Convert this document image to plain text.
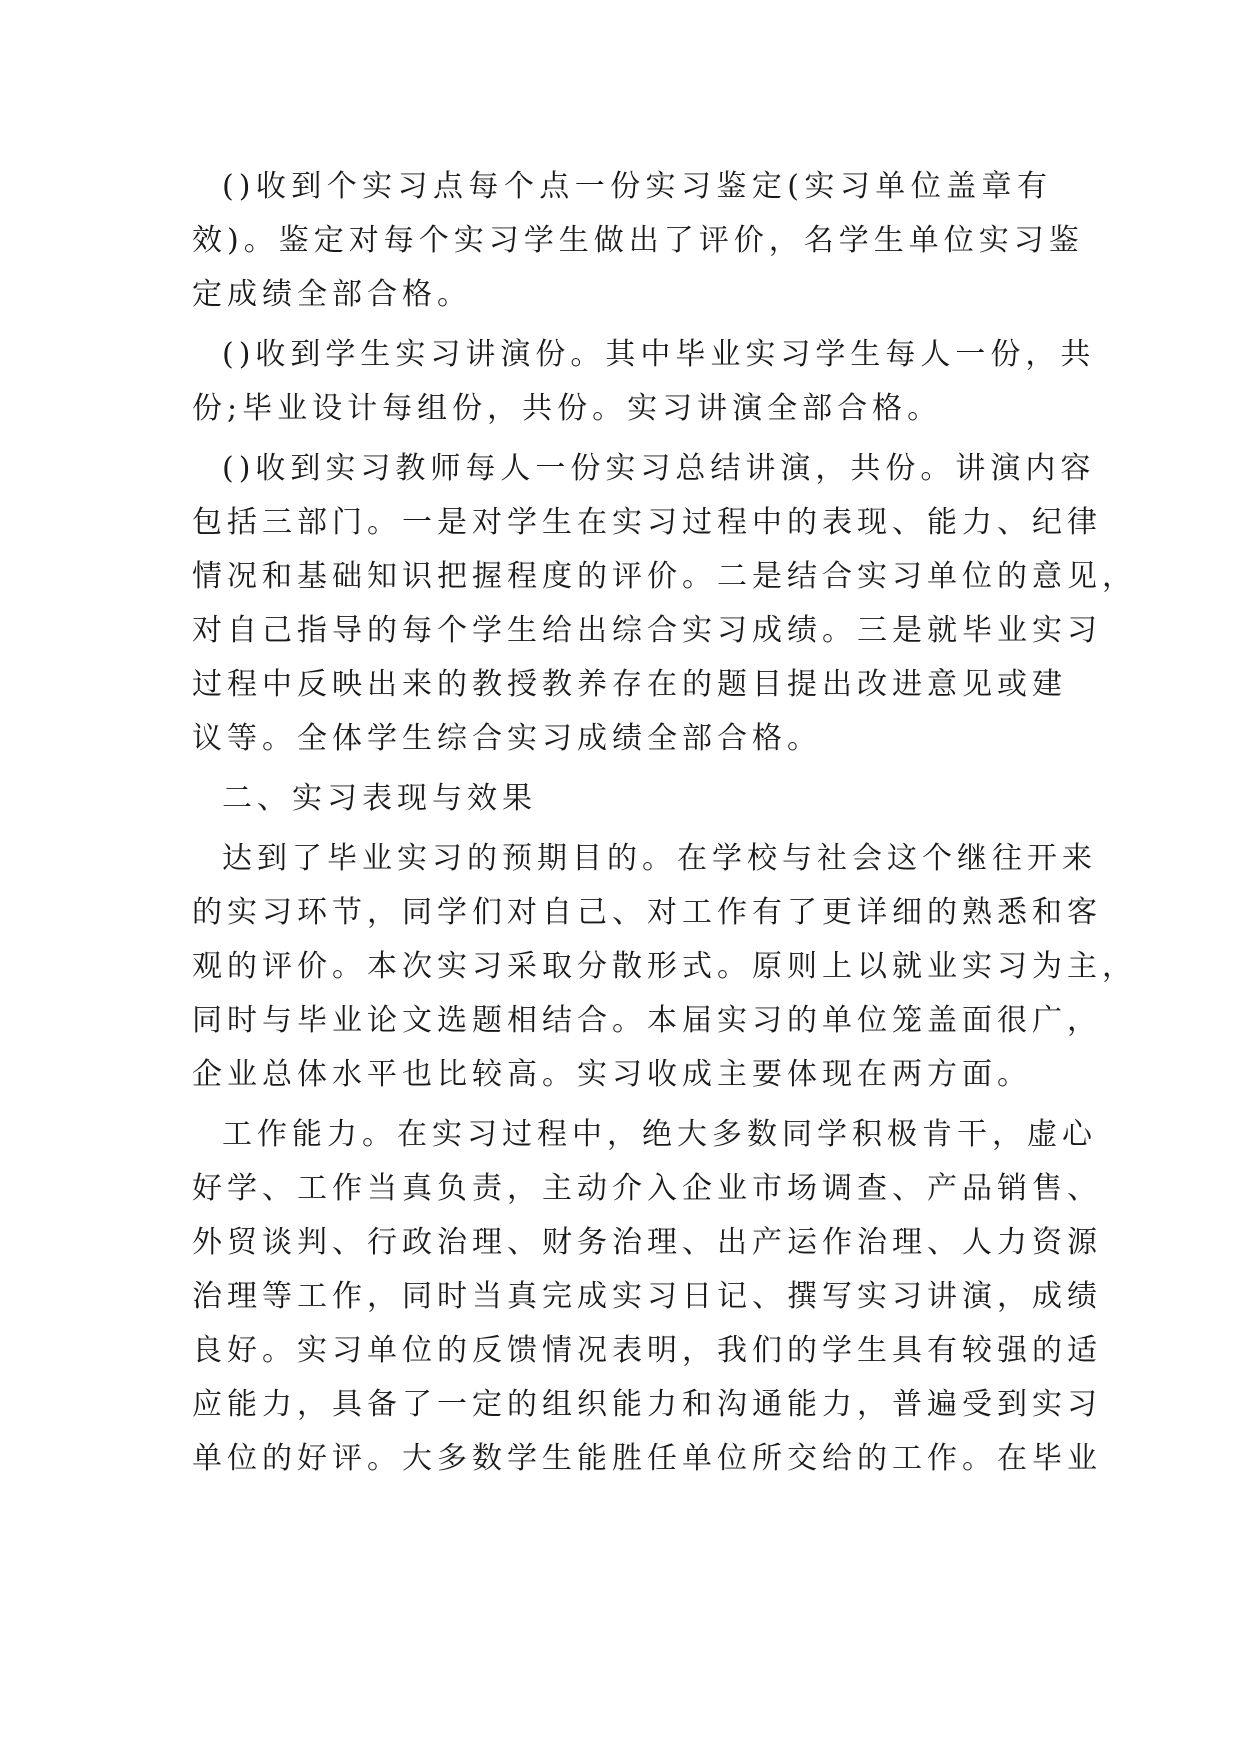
()收到个实习点每个点一份实习鉴定(实习单位盖章有
效)。鉴定对每个实习学生做出了评价，名学生单位实习鉴
定成绩全部合格。
()收到学生实习讲演份。其中毕业实习学生每人一份，共
份;毕业设计每组份，共份。实习讲演全部合格。
()收到实习教师每人一份实习总结讲演，共份。讲演内容
包括三部门。一是对学生在实习过程中的表现、能力、纪律
情况和基础知识把握程度的评价。二是结合实习单位的意见，
对自己指导的每个学生给出综合实习成绩。三是就毕业实习
过程中反映出来的教授教养存在的题目提出改进意见或建
议等。全体学生综合实习成绩全部合格。
二、实习表现与效果
达到了毕业实习的预期目的。在学校与社会这个继往开来
的实习环节，同学们对自己、对工作有了更详细的熟悉和客
观的评价。本次实习采取分散形式。原则上以就业实习为主，
同时与毕业论文选题相结合。本届实习的单位笼盖面很广，
企业总体水平也比较高。实习收成主要体现在两方面。
工作能力。在实习过程中，绝大多数同学积极肯干，虚心
好学、工作当真负责，主动介入企业市场调查、产品销售、
外贸谈判、行政治理、财务治理、出产运作治理、人力资源
治理等工作，同时当真完成实习日记、撰写实习讲演，成绩
良好。实习单位的反馈情况表明，我们的学生具有较强的适
应能力，具备了一定的组织能力和沟通能力，普遍受到实习
单位的好评。大多数学生能胜任单位所交给的工作。在毕业
